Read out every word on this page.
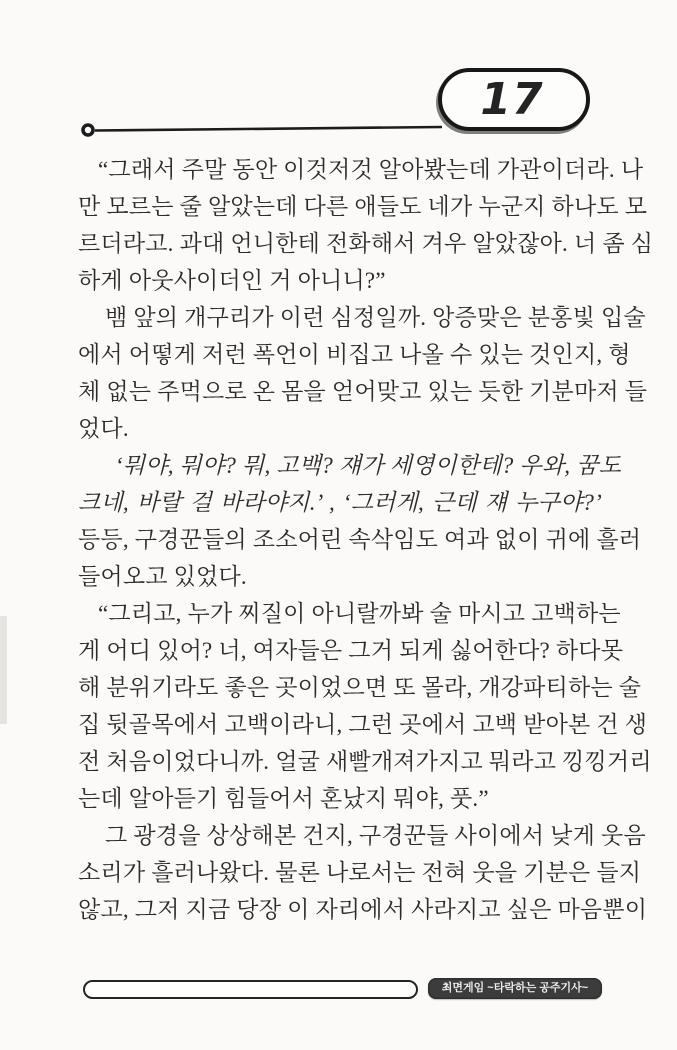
17
“그래서 주말 동안 이것저것 알아봤는데 가관이더라. 나
만 모르는 줄 알았는데 다른 애들도 네가 누군지 하나도 모
르더라고. 과대 언니한테 전화해서 겨우 알았잖아. 너 좀 심
하게 아웃사이더인 거 아니니?”
뱀 앞의 개구리가 이런 심정일까. 앙증맞은 분홍빛 입술
에서 어떻게 저런 폭언이 비집고 나올 수 있는 것인지, 형
체 없는 주먹으로 온 몸을 얻어맞고 있는 듯한 기분마저 들
었다.
‘뭐야, 뭐야? 뭐, 고백? 쟤가 세영이한테? 우와, 꿈도
크네, 바랄 걸 바라야지.’ , ‘그러게, 근데 쟤 누구야?’
등등, 구경꾼들의 조소어린 속삭임도 여과 없이 귀에 흘러
들어오고 있었다.
“그리고, 누가 찌질이 아니랄까봐 술 마시고 고백하는
게 어디 있어? 너, 여자들은 그거 되게 싫어한다? 하다못
해 분위기라도 좋은 곳이었으면 또 몰라, 개강파티하는 술
집 뒷골목에서 고백이라니, 그런 곳에서 고백 받아본 건 생
전 처음이었다니까. 얼굴 새빨개져가지고 뭐라고 낑낑거리
는데 알아듣기 힘들어서 혼났지 뭐야, 풋.”
그 광경을 상상해본 건지, 구경꾼들 사이에서 낮게 웃음
소리가 흘러나왔다. 물론 나로서는 전혀 웃을 기분은 들지
않고, 그저 지금 당장 이 자리에서 사라지고 싶은 마음뿐이
최면게임 ~타락하는 공주기사~
